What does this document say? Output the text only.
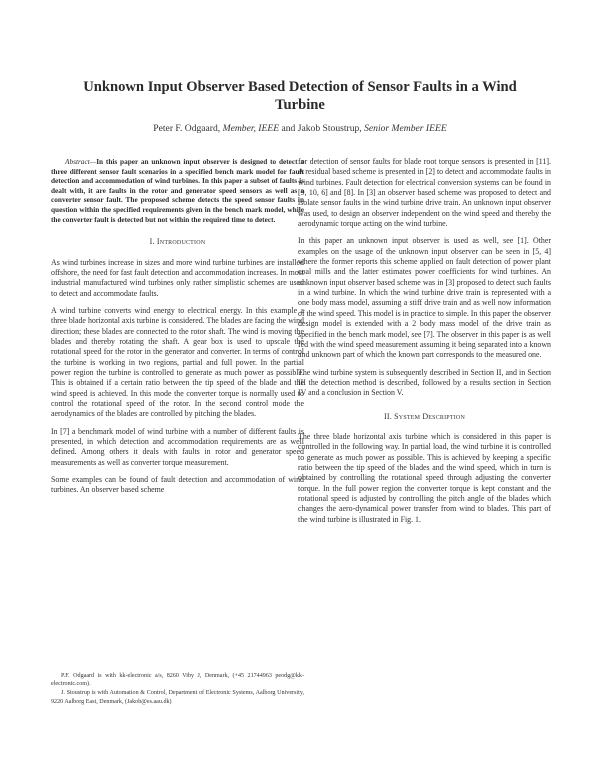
Unknown Input Observer Based Detection of Sensor Faults in a Wind Turbine
Peter F. Odgaard, Member, IEEE and Jakob Stoustrup, Senior Member IEEE

Abstract—In this paper an unknown input observer is designed to detect a three different sensor fault scenarios in a specified bench mark model for fault detection and accommodation of wind turbines. In this paper a subset of faults is dealt with, it are faults in the rotor and generator speed sensors as well as a converter sensor fault. The proposed scheme detects the speed sensor faults in question within the specified requirements given in the bench mark model, while the converter fault is detected but not within the required time to detect.

I. Introduction

As wind turbines increase in sizes and more wind turbine turbines are installed offshore, the need for fast fault detection and accommodation increases. In most industrial manufactured wind turbines only rather simplistic schemes are used to detect and accommodate faults.

A wind turbine converts wind energy to electrical energy. In this example a three blade horizontal axis turbine is considered. The blades are facing the wind direction; these blades are connected to the rotor shaft. The wind is moving the blades and thereby rotating the shaft. A gear box is used to upscale the rotational speed for the rotor in the generator and converter. In terms of control the turbine is working in two regions, partial and full power. In the partial power region the turbine is controlled to generate as much power as possible. This is obtained if a certain ratio between the tip speed of the blade and the wind speed is achieved. In this mode the converter torque is normally used to control the rotational speed of the rotor. In the second control mode the aerodynamics of the blades are controlled by pitching the blades.

In [7] a benchmark model of wind turbine with a number of different faults is presented, in which detection and accommodation requirements are as well defined. Among others it deals with faults in rotor and generator speed measurements as well as converter torque measurement.

Some examples can be found of fault detection and accommodation of wind turbines. An observer based scheme

P.F. Odgaard is with kk-electronic a/s, 8260 Viby J, Denmark, (+45 21744963 peodg@kk-electronic.com).

J. Stoustrup is with Automation & Control, Department of Electronic Systems, Aalborg University, 9220 Aalborg East, Denmark, (Jakob@es.aau.dk)

for detection of sensor faults for blade root torque sensors is presented in [11]. A residual based scheme is presented in [2] to detect and accommodate faults in wind turbines. Fault detection for electrical conversion systems can be found in [9, 10, 6] and [8]. In [3] an observer based scheme was proposed to detect and isolate sensor faults in the wind turbine drive train. An unknown input observer was used, to design an observer independent on the wind speed and thereby the aerodynamic torque acting on the wind turbine.

In this paper an unknown input observer is used as well, see [1]. Other examples on the usage of the unknown input observer can be seen in [5, 4] where the former reports this scheme applied on fault detection of power plant coal mills and the latter estimates power coefficients for wind turbines. An unknown input observer based scheme was in [3] proposed to detect such faults in a wind turbine. In which the wind turbine drive train is represented with a one body mass model, assuming a stiff drive train and as well now information of the wind speed. This model is in practice to simple. In this paper the observer design model is extended with a 2 body mass model of the drive train as specified in the bench mark model, see [7]. The observer in this paper is as well fed with the wind speed measurement assuming it being separated into a known and unknown part of which the known part corresponds to the measured one.

The wind turbine system is subsequently described in Section II, and in Section III the detection method is described, followed by a results section in Section IV and a conclusion in Section V.

II. System Description

The three blade horizontal axis turbine which is considered in this paper is controlled in the following way. In partial load, the wind turbine it is controlled to generate as much power as possible. This is achieved by keeping a specific ratio between the tip speed of the blades and the wind speed, which in turn is obtained by controlling the rotational speed through adjusting the converter torque. In the full power region the converter torque is kept constant and the rotational speed is adjusted by controlling the pitch angle of the blades which changes the aero-dynamical power transfer from wind to blades. This part of the wind turbine is illustrated in Fig. 1.
